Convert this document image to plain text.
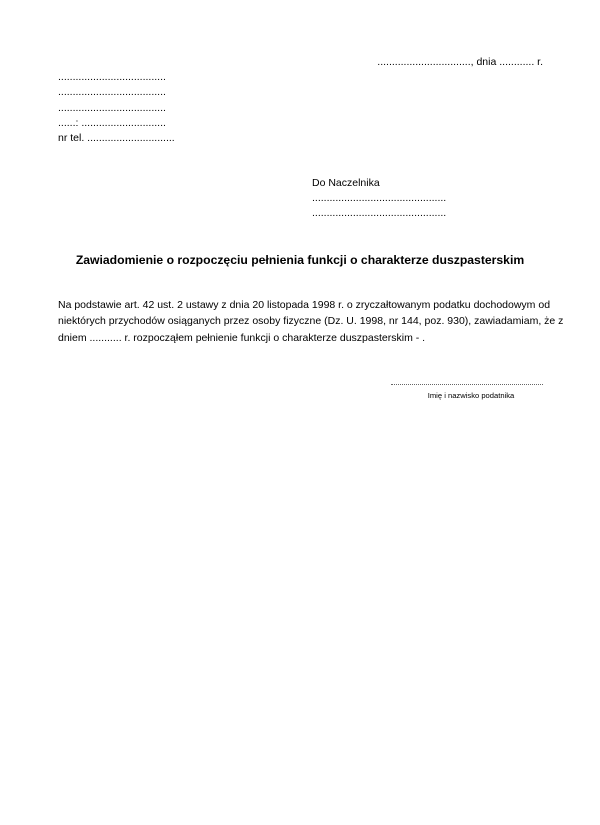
................................, dnia ............ r.
.....................................
.....................................
.....................................
......: .............................
nr tel. ..............................
Do Naczelnika
..............................................
..............................................
Zawiadomienie o rozpoczęciu pełnienia funkcji o charakterze duszpasterskim
Na podstawie art. 42 ust. 2 ustawy z dnia 20 listopada 1998 r. o zryczałtowanym podatku dochodowym od
niektórych przychodów osiąganych przez osoby fizyczne (Dz. U. 1998, nr 144, poz. 930), zawiadamiam, że z
dniem ........... r. rozpocząłem pełnienie funkcji o charakterze duszpasterskim - .
Imię i nazwisko podatnika
